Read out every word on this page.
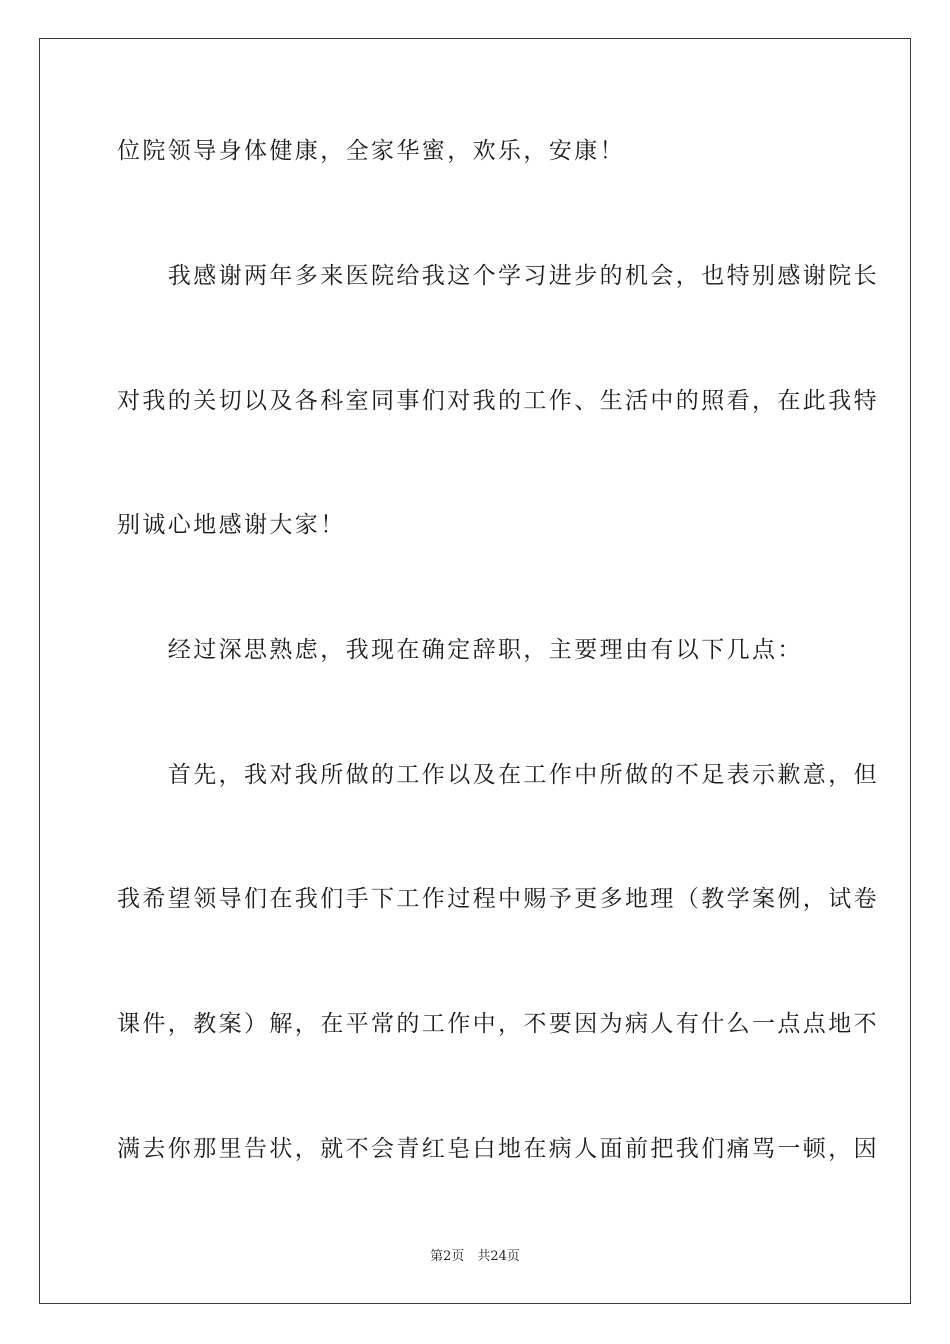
位院领导身体健康，全家华蜜，欢乐，安康！
　　我感谢两年多来医院给我这个学习进步的机会，也特别感谢院长
对我的关切以及各科室同事们对我的工作、生活中的照看，在此我特
别诚心地感谢大家！
　　经过深思熟虑，我现在确定辞职，主要理由有以下几点：
　　首先，我对我所做的工作以及在工作中所做的不足表示歉意，但
我希望领导们在我们手下工作过程中赐予更多地理（教学案例，试卷
课件，教案）解，在平常的工作中，不要因为病人有什么一点点地不
满去你那里告状，就不会青红皂白地在病人面前把我们痛骂一顿，因
第2页　共24页
